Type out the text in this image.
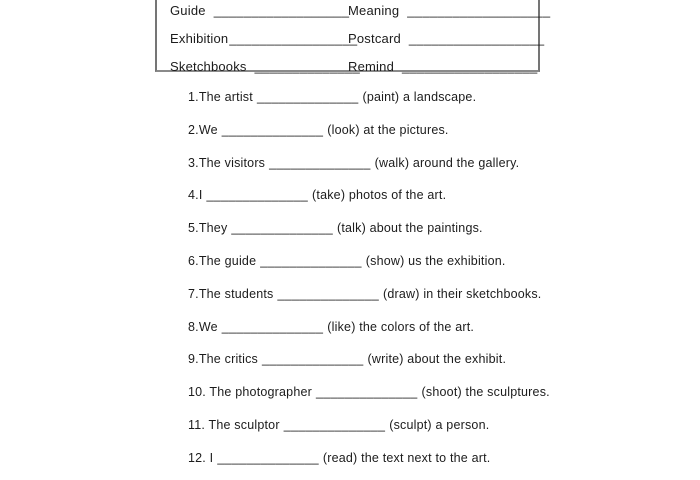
Guide __________________
Meaning ___________________
Exhibition_________________
Postcard __________________
Sketchbooks ______________
Remind __________________
1.The artist ______________ (paint) a landscape.
2.We ______________ (look) at the pictures.
3.The visitors ______________ (walk) around the gallery.
4.I ______________ (take) photos of the art.
5.They ______________ (talk) about the paintings.
6.The guide ______________ (show) us the exhibition.
7.The students ______________ (draw) in their sketchbooks.
8.We ______________ (like) the colors of the art.
9.The critics ______________ (write) about the exhibit.
10. The photographer ______________ (shoot) the sculptures.
11. The sculptor ______________ (sculpt) a person.
12. I ______________ (read) the text next to the art.
